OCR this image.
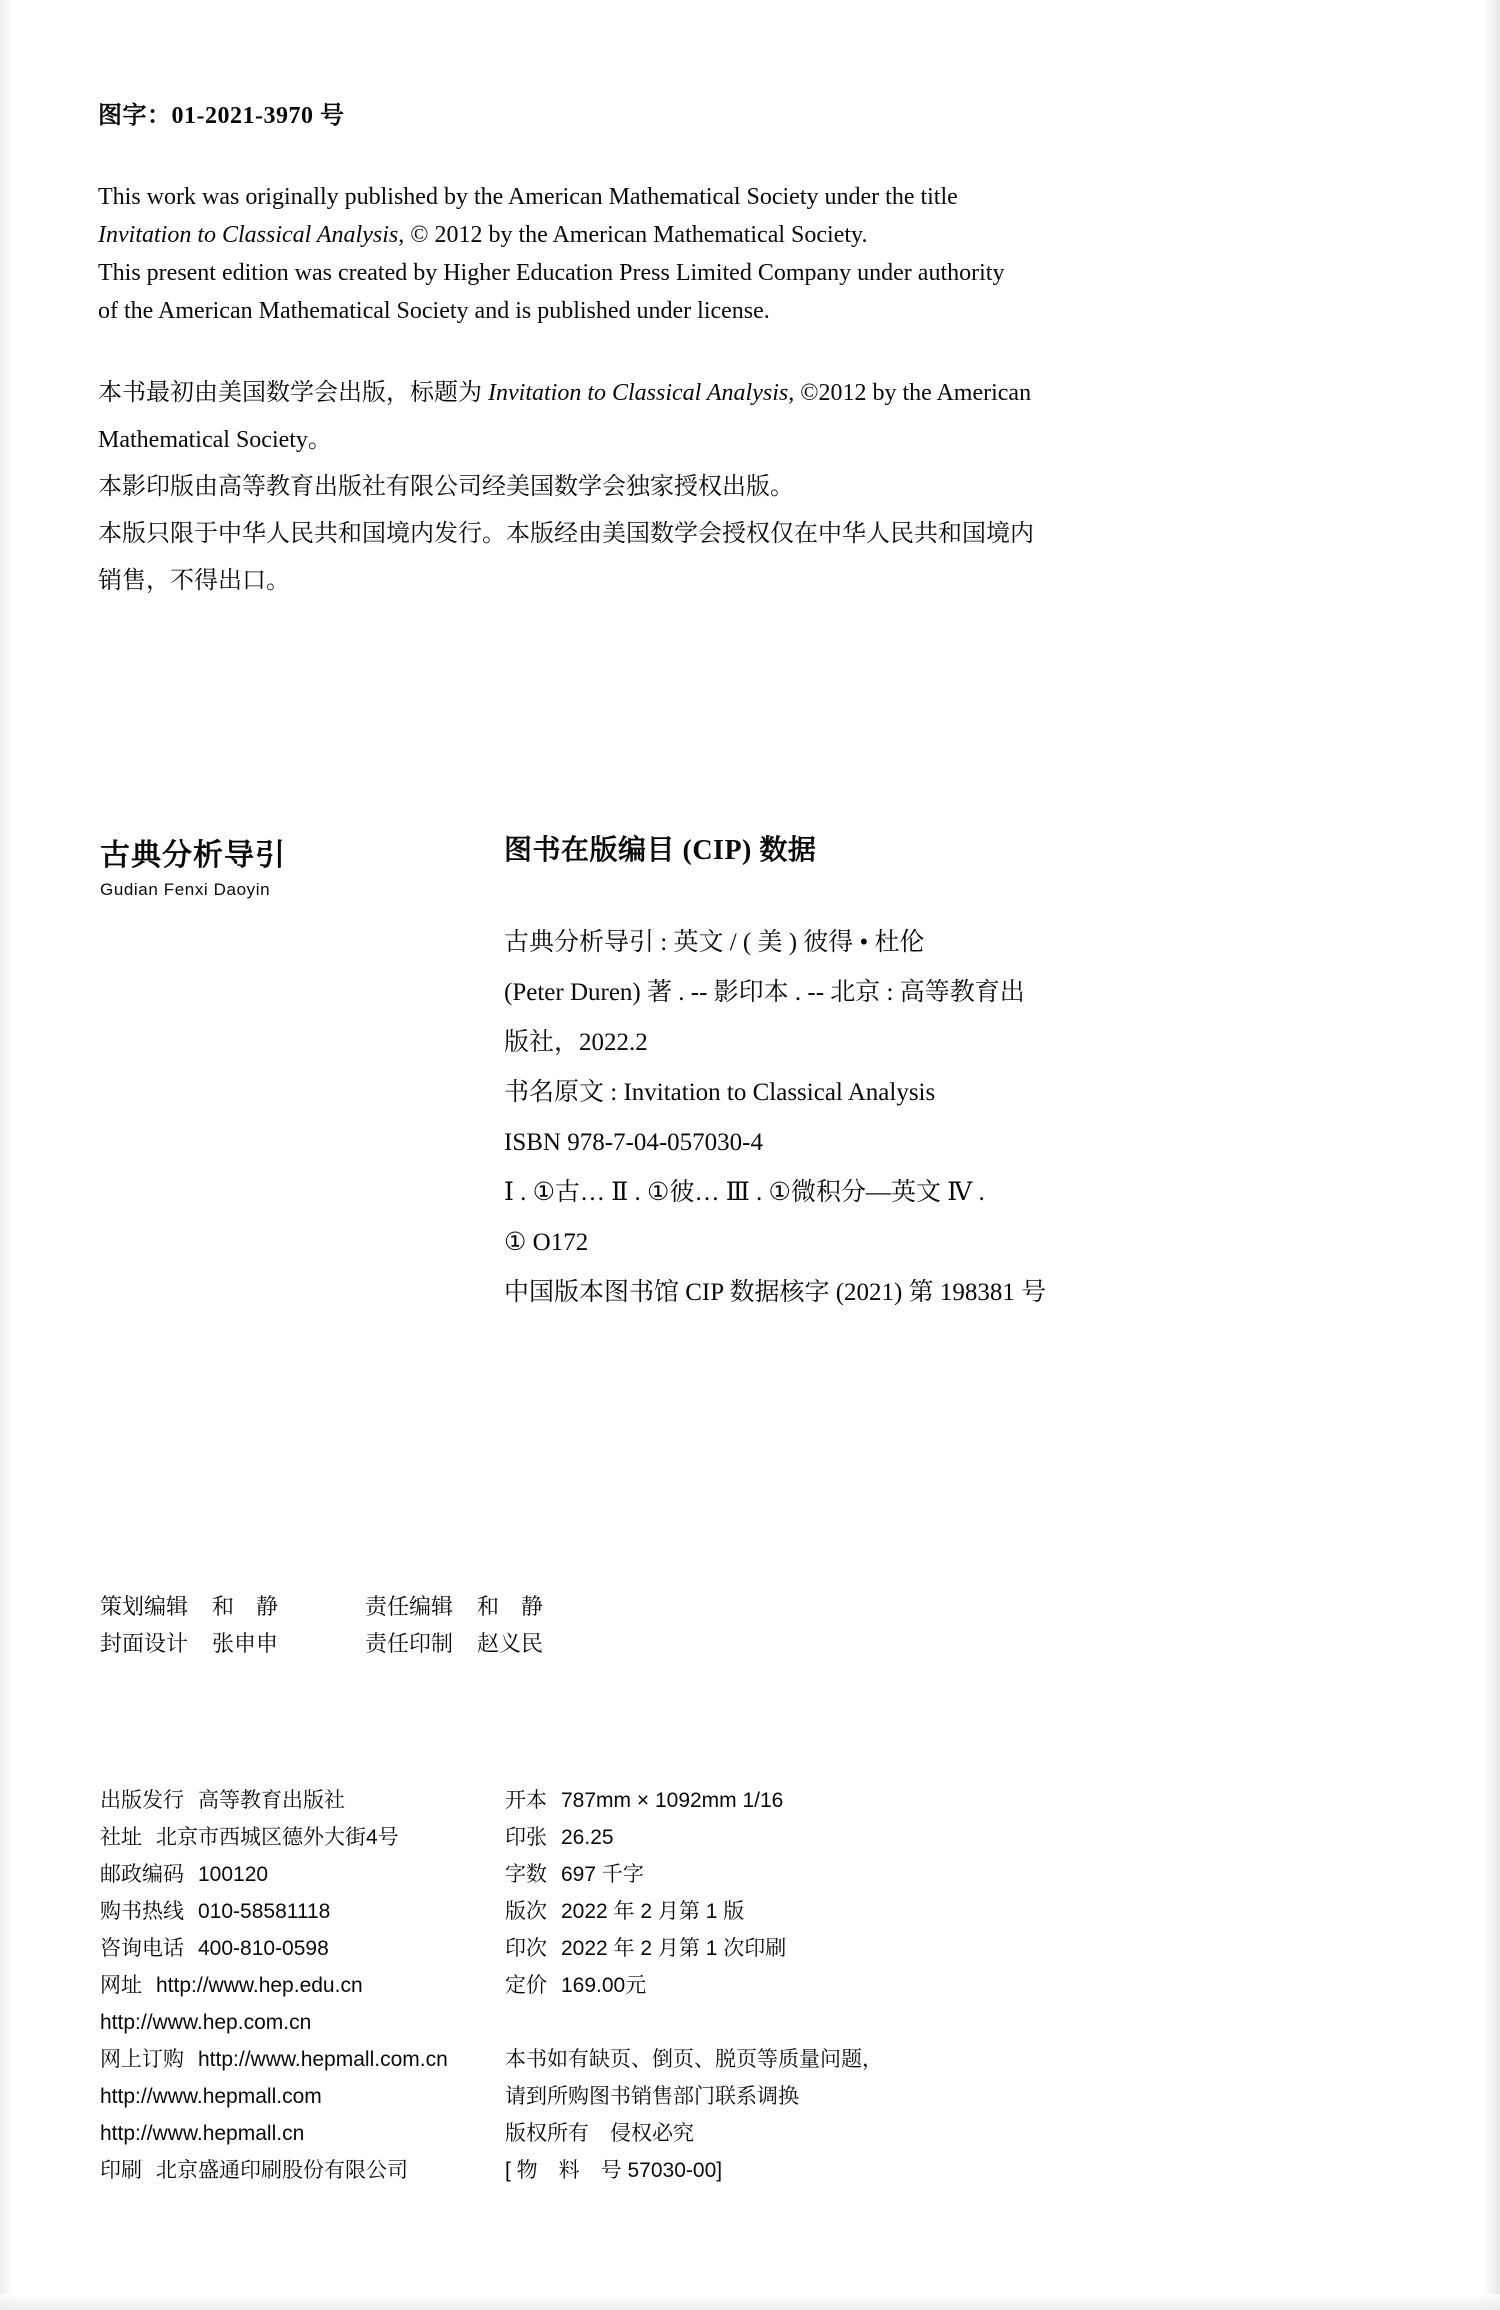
图字：01-2021-3970 号
This work was originally published by the American Mathematical Society under the title
Invitation to Classical Analysis, © 2012 by the American Mathematical Society.
This present edition was created by Higher Education Press Limited Company under authority
of the American Mathematical Society and is published under license.
本书最初由美国数学会出版，标题为 Invitation to Classical Analysis, ©2012 by the American
Mathematical Society。
本影印版由高等教育出版社有限公司经美国数学会独家授权出版。
本版只限于中华人民共和国境内发行。本版经由美国数学会授权仅在中华人民共和国境内
销售，不得出口。
古典分析导引
Gudian Fenxi Daoyin
图书在版编目 (CIP) 数据
古典分析导引 : 英文 / ( 美 ) 彼得 • 杜伦
(Peter Duren) 著 . -- 影印本 . -- 北京 : 高等教育出
版社，2022.2
书名原文 : Invitation to Classical Analysis
ISBN 978-7-04-057030-4
Ⅰ . ①古… Ⅱ . ①彼… Ⅲ . ①微积分—英文 Ⅳ .
① O172
中国版本图书馆 CIP 数据核字 (2021) 第 198381 号
策划编辑 和　静	责任编辑 和　静
封面设计 张申申	责任印制 赵义民
出版发行 高等教育出版社
社址 北京市西城区德外大街4号
邮政编码 100120
购书热线 010-58581118
咨询电话 400-810-0598
网址 http://www.hep.edu.cn
http://www.hep.com.cn
网上订购 http://www.hepmall.com.cn
http://www.hepmall.com
http://www.hepmall.cn
印刷 北京盛通印刷股份有限公司
开本 787mm × 1092mm 1/16
印张 26.25
字数 697 千字
版次 2022 年 2 月第 1 版
印次 2022 年 2 月第 1 次印刷
定价 169.00元
本书如有缺页、倒页、脱页等质量问题，
请到所购图书销售部门联系调换
版权所有　侵权必究
[ 物　料　号 57030-00]
